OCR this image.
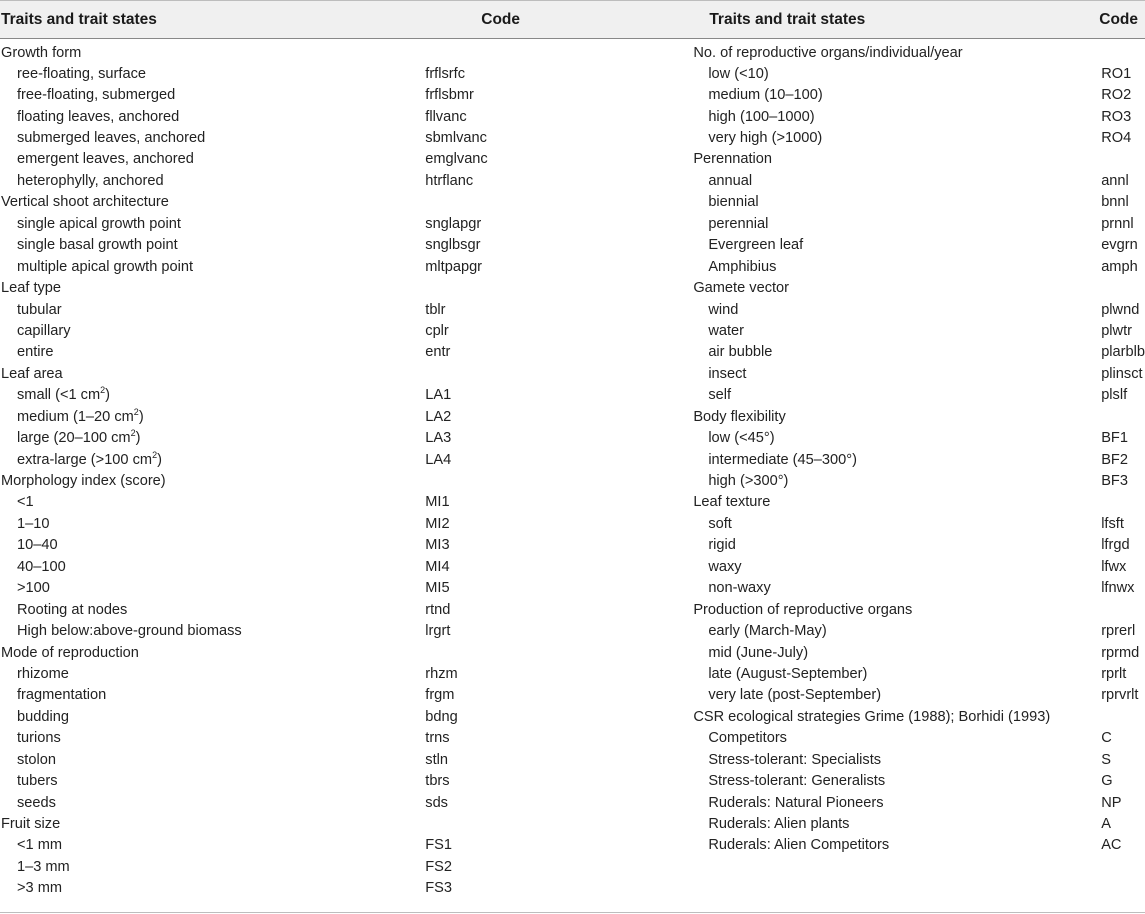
Traits and trait states	Code	Traits and trait states	Code
Growth form		No. of reproductive organs/individual/year	
ree-floating, surface	frflsrfc	low (<10)	RO1
free-floating, submerged	frflsbmr	medium (10–100)	RO2
floating leaves, anchored	fllvanc	high (100–1000)	RO3
submerged leaves, anchored	sbmlvanc	very high (>1000)	RO4
emergent leaves, anchored	emglvanc	Perennation	
heterophylly, anchored	htrflanc	annual	annl
Vertical shoot architecture		biennial	bnnl
single apical growth point	snglapgr	perennial	prnnl
single basal growth point	snglbsgr	Evergreen leaf	evgrn
multiple apical growth point	mltpapgr	Amphibius	amph
Leaf type		Gamete vector	
tubular	tblr	wind	plwnd
capillary	cplr	water	plwtr
entire	entr	air bubble	plarblb
Leaf area		insect	plinsct
small (<1 $cm^2$)	LA1	self	plslf
medium (1–20 $cm^2$)	LA2	Body flexibility	
large (20–100 $cm^2$)	LA3	low (<45°)	BF1
extra-large (>100 $cm^2$)	LA4	intermediate (45–300°)	BF2
Morphology index (score)		high (>300°)	BF3
<1	MI1	Leaf texture	
1–10	MI2	soft	lfsft
10–40	MI3	rigid	lfrgd
40–100	MI4	waxy	lfwx
>100	MI5	non-waxy	lfnwx
Rooting at nodes	rtnd	Production of reproductive organs	
High below:above-ground biomass	lrgrt	early (March-May)	rprerl
Mode of reproduction		mid (June-July)	rprmd
rhizome	rhzm	late (August-September)	rprlt
fragmentation	frgm	very late (post-September)	rprvrlt
budding	bdng	CSR ecological strategies Grime (1988); Borhidi (1993)	
turions	trns	Competitors	C
stolon	stln	Stress-tolerant: Specialists	S
tubers	tbrs	Stress-tolerant: Generalists	G
seeds	sds	Ruderals: Natural Pioneers	NP
Fruit size		Ruderals: Alien plants	A
<1 mm	FS1	Ruderals: Alien Competitors	AC
1–3 mm	FS2		
>3 mm	FS3		
